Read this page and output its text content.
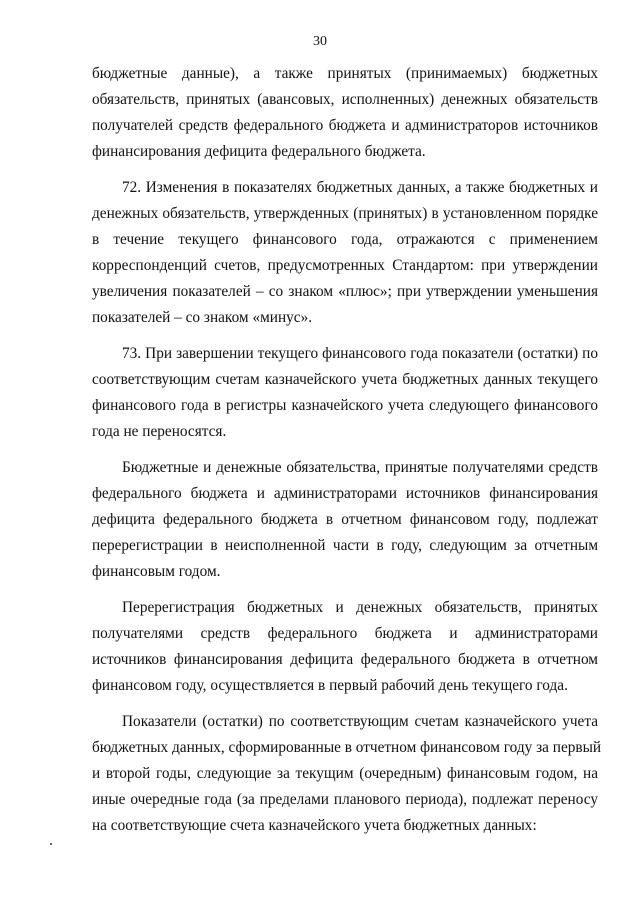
30
бюджетные данные), а также принятых (принимаемых) бюджетных
обязательств, принятых (авансовых, исполненных) денежных обязательств
получателей средств федерального бюджета и администраторов источников
финансирования дефицита федерального бюджета.
72. Изменения в показателях бюджетных данных, а также бюджетных и
денежных обязательств, утвержденных (принятых) в установленном порядке
в течение текущего финансового года, отражаются с применением
корреспонденций счетов, предусмотренных Стандартом: при утверждении
увеличения показателей – со знаком «плюс»; при утверждении уменьшения
показателей – со знаком «минус».
73. При завершении текущего финансового года показатели (остатки) по
соответствующим счетам казначейского учета бюджетных данных текущего
финансового года в регистры казначейского учета следующего финансового
года не переносятся.
Бюджетные и денежные обязательства, принятые получателями средств
федерального бюджета и администраторами источников финансирования
дефицита федерального бюджета в отчетном финансовом году, подлежат
перерегистрации в неисполненной части в году, следующим за отчетным
финансовым годом.
Перерегистрация бюджетных и денежных обязательств, принятых
получателями средств федерального бюджета и администраторами
источников финансирования дефицита федерального бюджета в отчетном
финансовом году, осуществляется в первый рабочий день текущего года.
Показатели (остатки) по соответствующим счетам казначейского учета
бюджетных данных, сформированные в отчетном финансовом году за первый
и второй годы, следующие за текущим (очередным) финансовым годом, на
иные очередные года (за пределами планового периода), подлежат переносу
на соответствующие счета казначейского учета бюджетных данных:
